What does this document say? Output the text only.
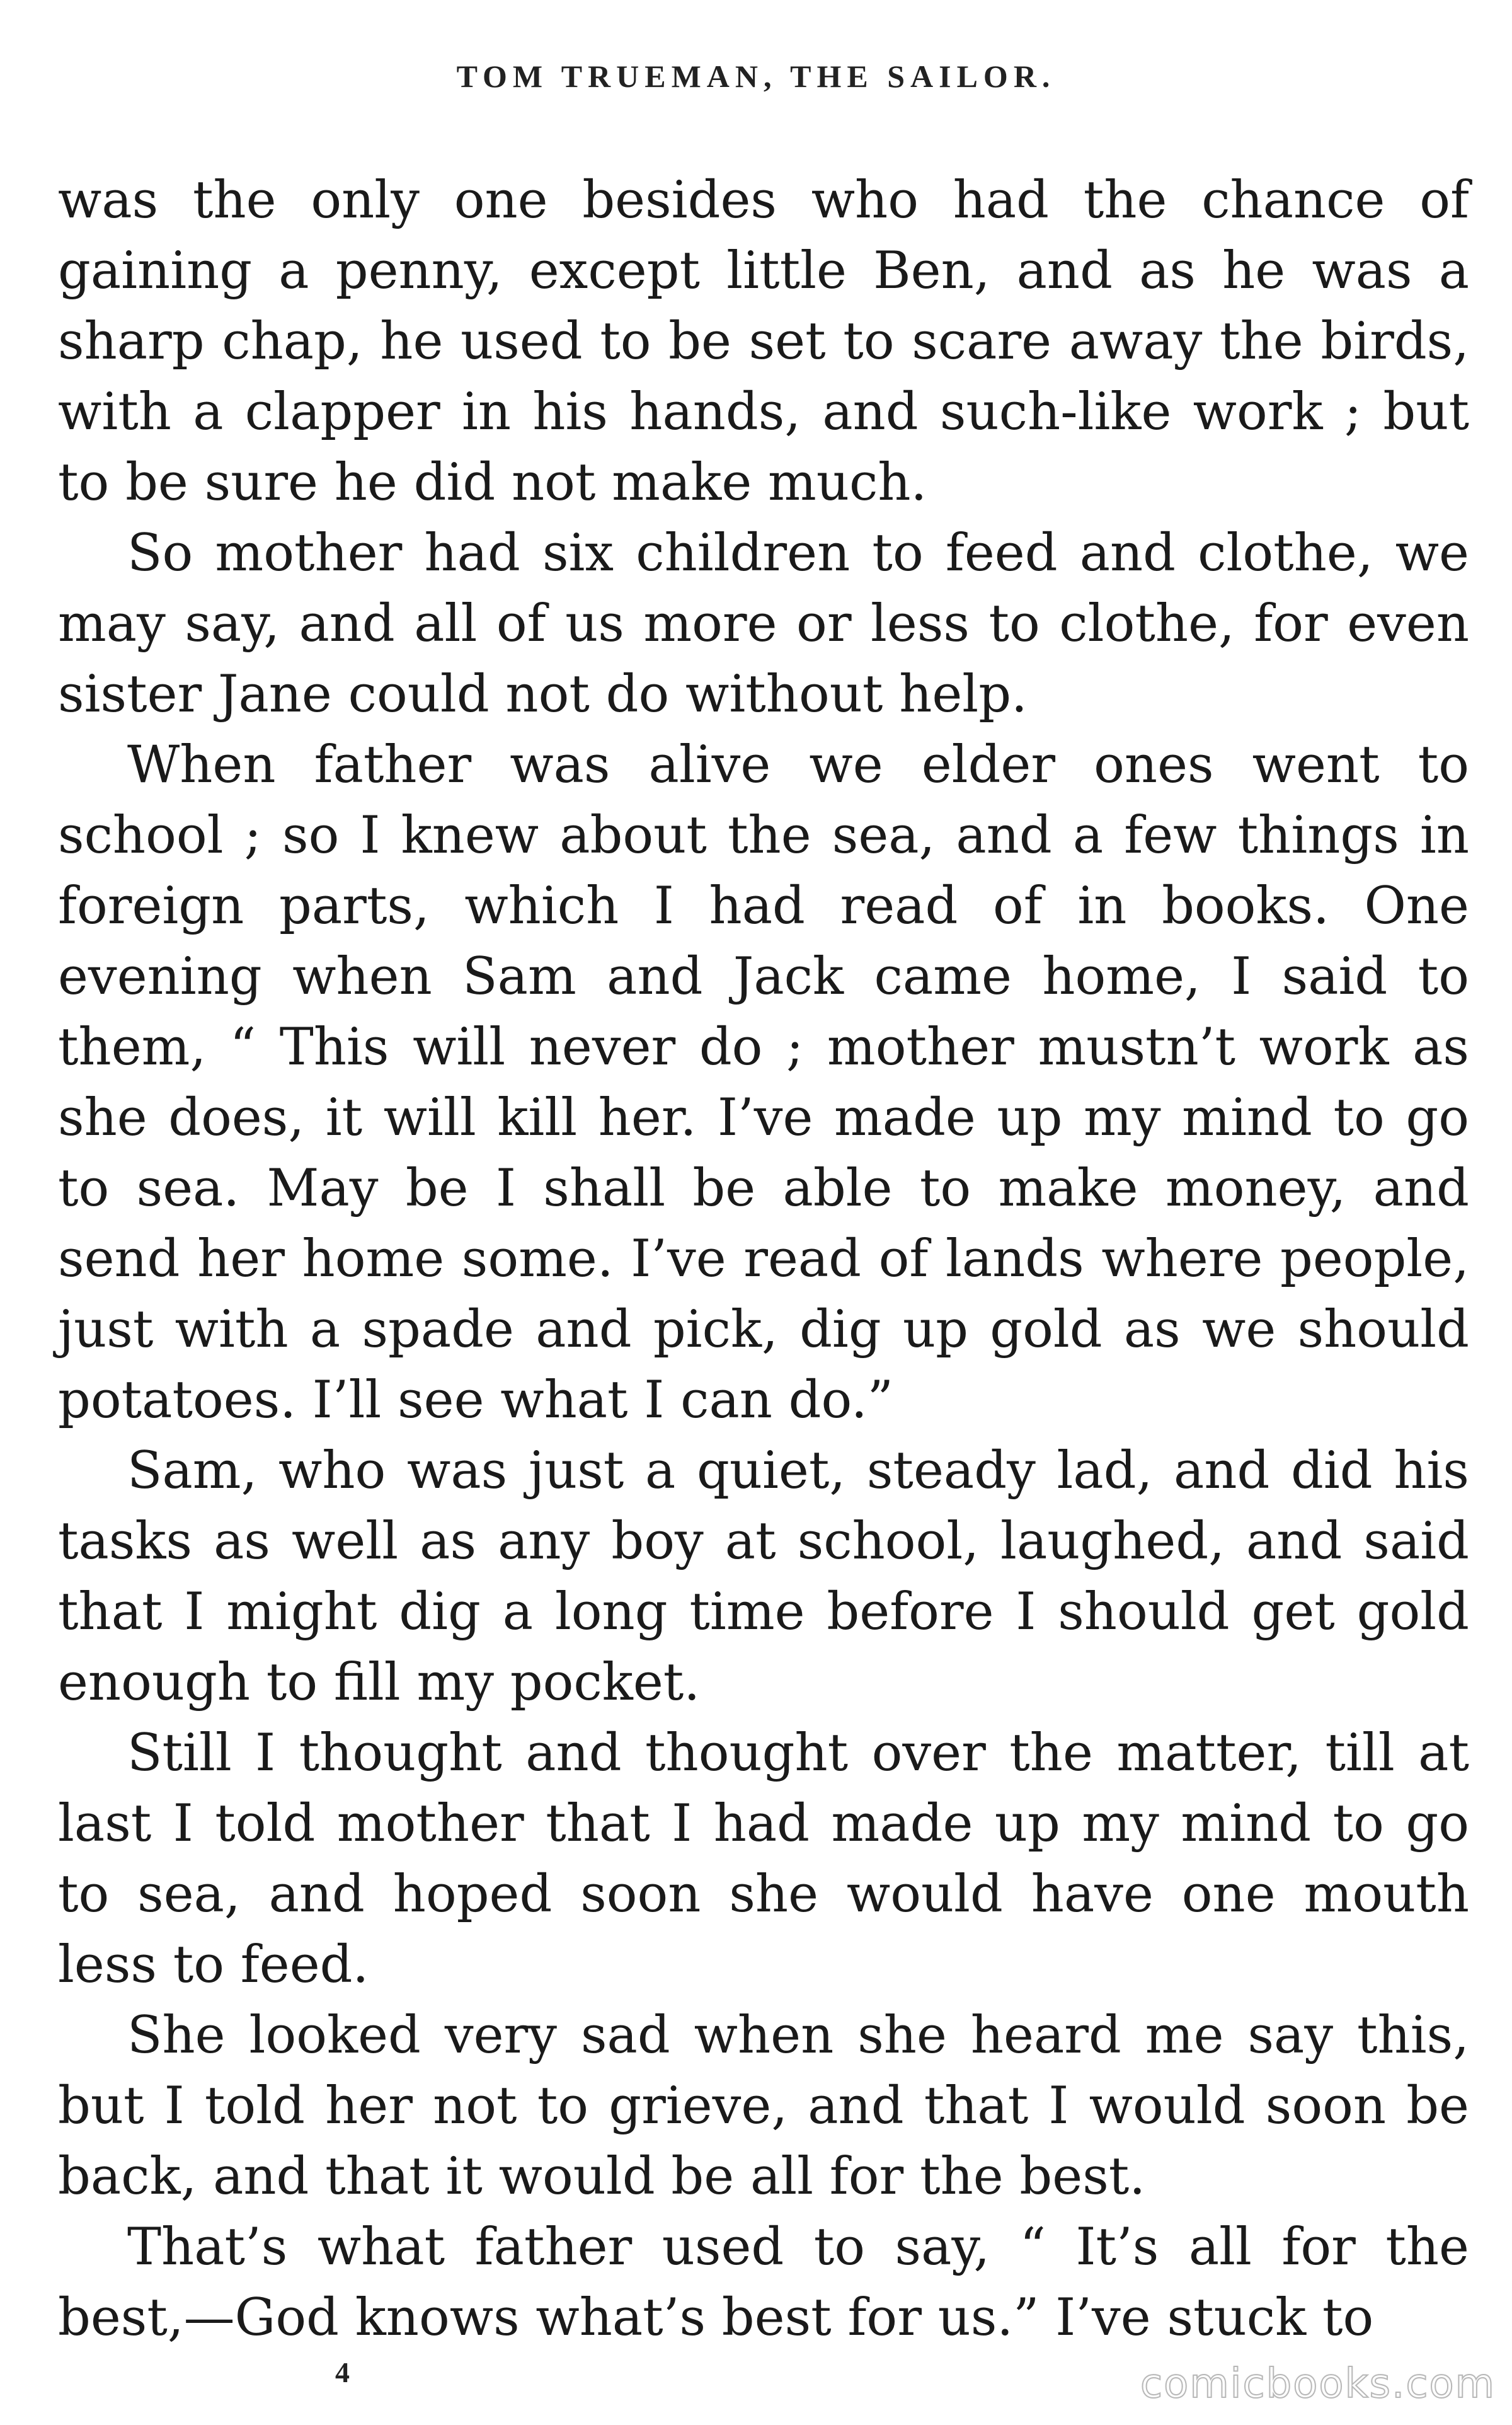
TOM TRUEMAN, THE SAILOR.

was the only one besides who had the chance of gaining a penny, except little Ben, and as he was a sharp chap, he used to be set to scare away the birds, with a clapper in his hands, and such-like work ; but to be sure he did not make much.

So mother had six children to feed and clothe, we may say, and all of us more or less to clothe, for even sister Jane could not do without help.

When father was alive we elder ones went to school ; so I knew about the sea, and a few things in foreign parts, which I had read of in books. One evening when Sam and Jack came home, I said to them, “ This will never do ; mother mustn’t work as she does, it will kill her. I’ve made up my mind to go to sea. May be I shall be able to make money, and send her home some. I’ve read of lands where people, just with a spade and pick, dig up gold as we should potatoes. I’ll see what I can do.”

Sam, who was just a quiet, steady lad, and did his tasks as well as any boy at school, laughed, and said that I might dig a long time before I should get gold enough to fill my pocket.

Still I thought and thought over the matter, till at last I told mother that I had made up my mind to go to sea, and hoped soon she would have one mouth less to feed.

She looked very sad when she heard me say this, but I told her not to grieve, and that I would soon be back, and that it would be all for the best.

That’s what father used to say, “ It’s all for the best,—God knows what’s best for us.” I’ve stuck to

4	comicbooks.com
